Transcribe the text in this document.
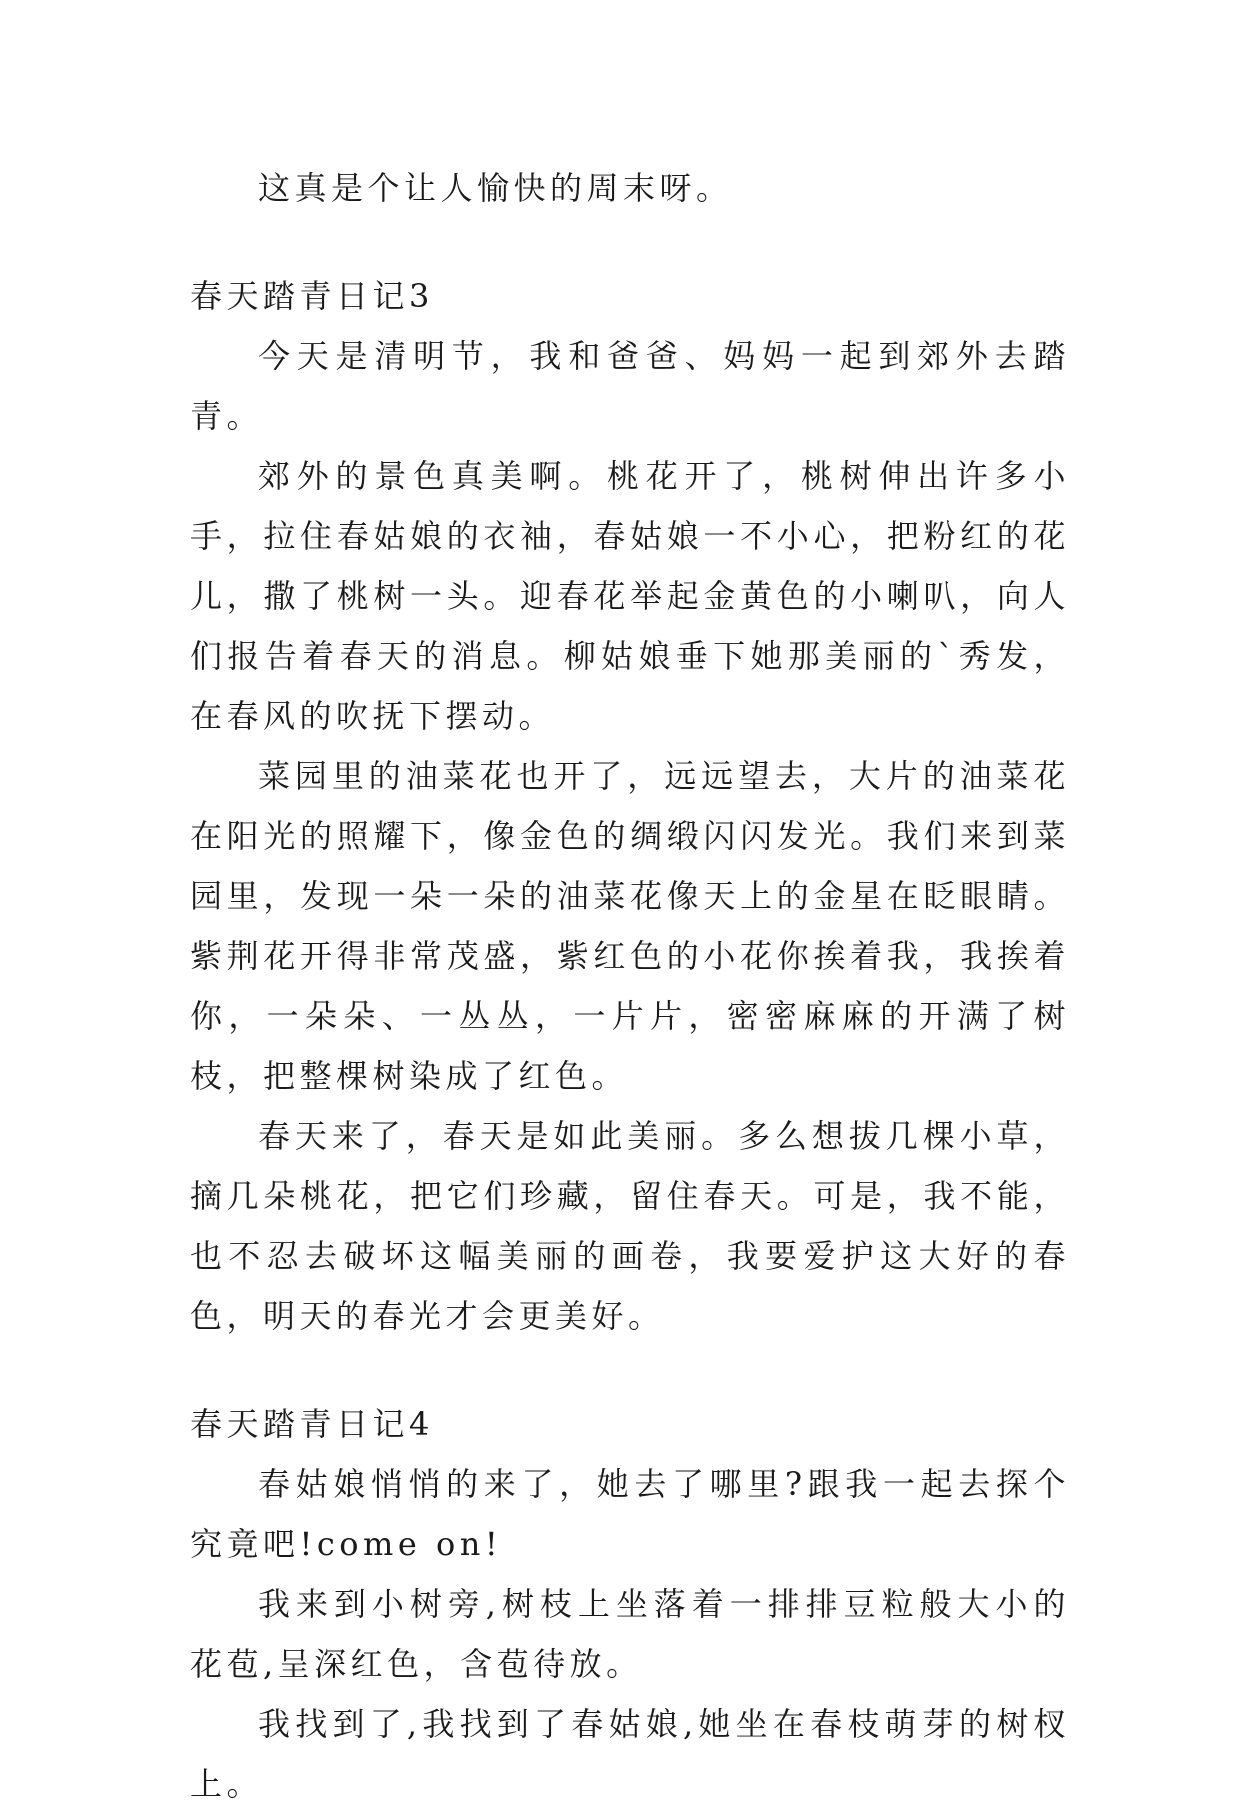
这真是个让人愉快的周末呀。

春天踏青日记3

今天是清明节，我和爸爸、妈妈一起到郊外去踏青。

郊外的景色真美啊。桃花开了，桃树伸出许多小手，拉住春姑娘的衣袖，春姑娘一不小心，把粉红的花儿，撒了桃树一头。迎春花举起金黄色的小喇叭，向人们报告着春天的消息。柳姑娘垂下她那美丽的`秀发，在春风的吹抚下摆动。

菜园里的油菜花也开了，远远望去，大片的油菜花在阳光的照耀下，像金色的绸缎闪闪发光。我们来到菜园里，发现一朵一朵的油菜花像天上的金星在眨眼睛。紫荆花开得非常茂盛，紫红色的小花你挨着我，我挨着你，一朵朵、一丛丛，一片片，密密麻麻的开满了树枝，把整棵树染成了红色。

春天来了，春天是如此美丽。多么想拔几棵小草，摘几朵桃花，把它们珍藏，留住春天。可是，我不能，也不忍去破坏这幅美丽的画卷，我要爱护这大好的春色，明天的春光才会更美好。

春天踏青日记4

春姑娘悄悄的来了，她去了哪里?跟我一起去探个究竟吧!come on!

我来到小树旁,树枝上坐落着一排排豆粒般大小的花苞,呈深红色，含苞待放。

我找到了,我找到了春姑娘,她坐在春枝萌芽的树杈上。
